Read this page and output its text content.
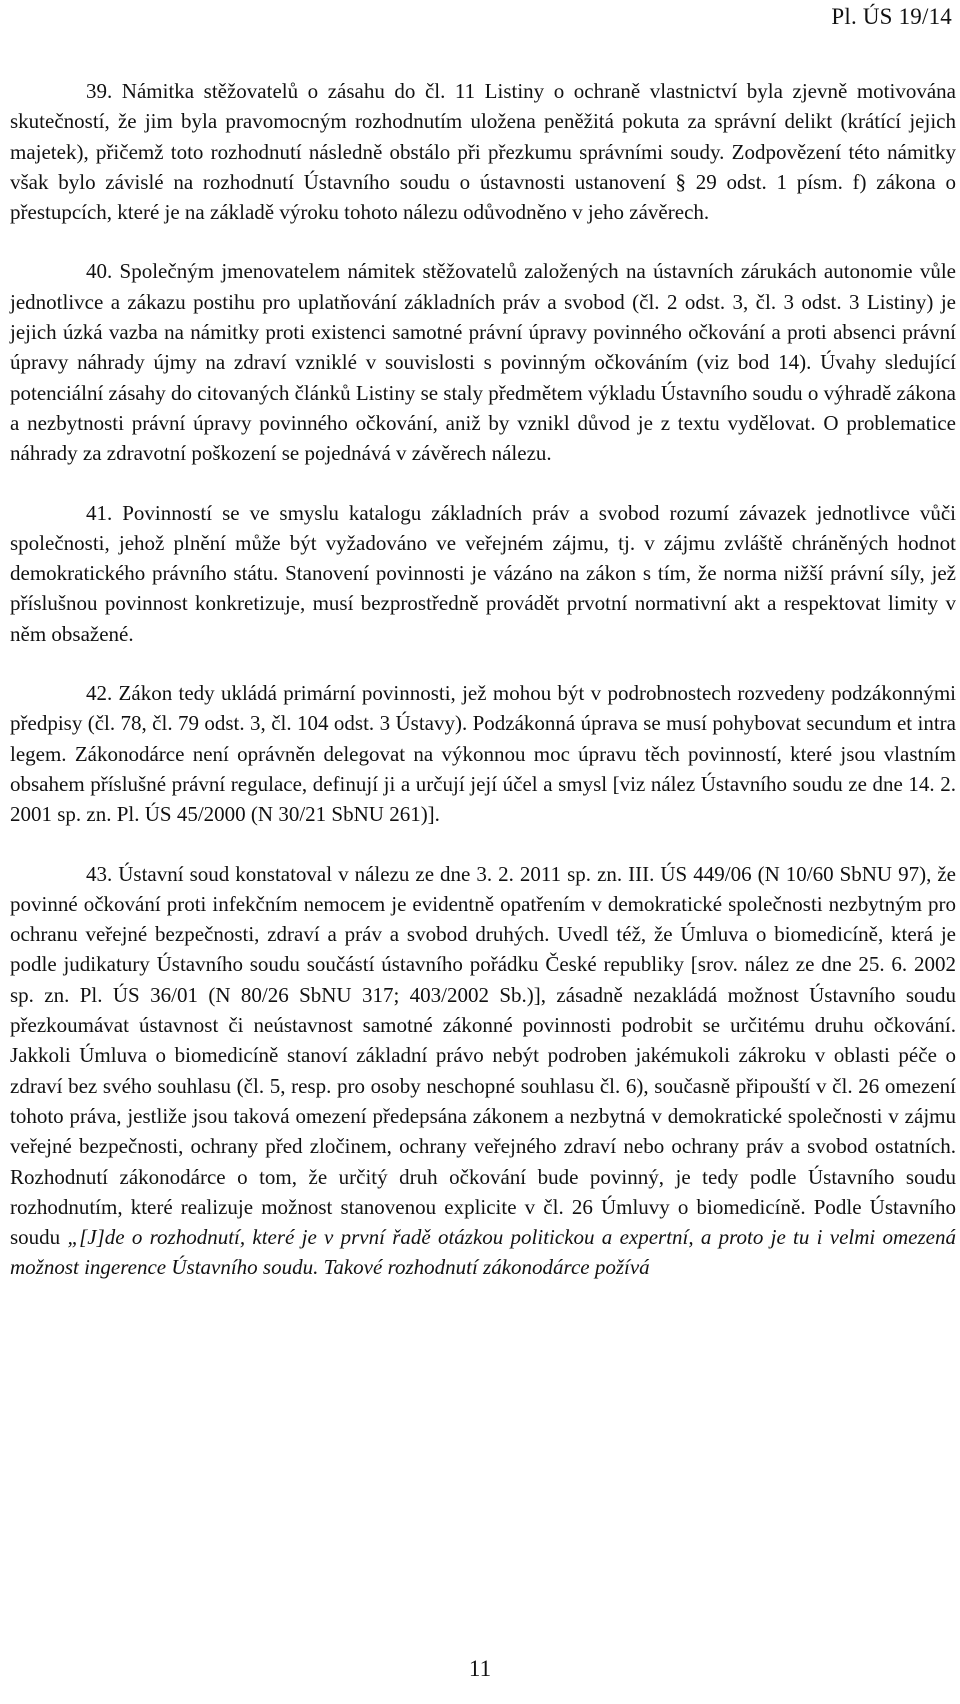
Pl. ÚS 19/14

39. Námitka stěžovatelů o zásahu do čl. 11 Listiny o ochraně vlastnictví byla zjevně motivována skutečností, že jim byla pravomocným rozhodnutím uložena peněžitá pokuta za správní delikt (krátící jejich majetek), přičemž toto rozhodnutí následně obstálo při přezkumu správními soudy. Zodpovězení této námitky však bylo závislé na rozhodnutí Ústavního soudu o ústavnosti ustanovení § 29 odst. 1 písm. f) zákona o přestupcích, které je na základě výroku tohoto nálezu odůvodněno v jeho závěrech.

40. Společným jmenovatelem námitek stěžovatelů založených na ústavních zárukách autonomie vůle jednotlivce a zákazu postihu pro uplatňování základních práv a svobod (čl. 2 odst. 3, čl. 3 odst. 3 Listiny) je jejich úzká vazba na námitky proti existenci samotné právní úpravy povinného očkování a proti absenci právní úpravy náhrady újmy na zdraví vzniklé v souvislosti s povinným očkováním (viz bod 14). Úvahy sledující potenciální zásahy do citovaných článků Listiny se staly předmětem výkladu Ústavního soudu o výhradě zákona a nezbytnosti právní úpravy povinného očkování, aniž by vznikl důvod je z textu vydělovat. O problematice náhrady za zdravotní poškození se pojednává v závěrech nálezu.

41. Povinností se ve smyslu katalogu základních práv a svobod rozumí závazek jednotlivce vůči společnosti, jehož plnění může být vyžadováno ve veřejném zájmu, tj. v zájmu zvláště chráněných hodnot demokratického právního státu. Stanovení povinnosti je vázáno na zákon s tím, že norma nižší právní síly, jež příslušnou povinnost konkretizuje, musí bezprostředně provádět prvotní normativní akt a respektovat limity v něm obsažené.

42. Zákon tedy ukládá primární povinnosti, jež mohou být v podrobnostech rozvedeny podzákonnými předpisy (čl. 78, čl. 79 odst. 3, čl. 104 odst. 3 Ústavy). Podzákonná úprava se musí pohybovat secundum et intra legem. Zákonodárce není oprávněn delegovat na výkonnou moc úpravu těch povinností, které jsou vlastním obsahem příslušné právní regulace, definují ji a určují její účel a smysl [viz nález Ústavního soudu ze dne 14. 2. 2001 sp. zn. Pl. ÚS 45/2000 (N 30/21 SbNU 261)].

43. Ústavní soud konstatoval v nálezu ze dne 3. 2. 2011 sp. zn. III. ÚS 449/06 (N 10/60 SbNU 97), že povinné očkování proti infekčním nemocem je evidentně opatřením v demokratické společnosti nezbytným pro ochranu veřejné bezpečnosti, zdraví a práv a svobod druhých. Uvedl též, že Úmluva o biomedicíně, která je podle judikatury Ústavního soudu součástí ústavního pořádku České republiky [srov. nález ze dne 25. 6. 2002 sp. zn. Pl. ÚS 36/01 (N 80/26 SbNU 317; 403/2002 Sb.)], zásadně nezakládá možnost Ústavního soudu přezkoumávat ústavnost či neústavnost samotné zákonné povinnosti podrobit se určitému druhu očkování. Jakkoli Úmluva o biomedicíně stanoví základní právo nebýt podroben jakémukoli zákroku v oblasti péče o zdraví bez svého souhlasu (čl. 5, resp. pro osoby neschopné souhlasu čl. 6), současně připouští v čl. 26 omezení tohoto práva, jestliže jsou taková omezení předepsána zákonem a nezbytná v demokratické společnosti v zájmu veřejné bezpečnosti, ochrany před zločinem, ochrany veřejného zdraví nebo ochrany práv a svobod ostatních. Rozhodnutí zákonodárce o tom, že určitý druh očkování bude povinný, je tedy podle Ústavního soudu rozhodnutím, které realizuje možnost stanovenou explicite v čl. 26 Úmluvy o biomedicíně. Podle Ústavního soudu „[J]de o rozhodnutí, které je v první řadě otázkou politickou a expertní, a proto je tu i velmi omezená možnost ingerence Ústavního soudu. Takové rozhodnutí zákonodárce požívá

11
